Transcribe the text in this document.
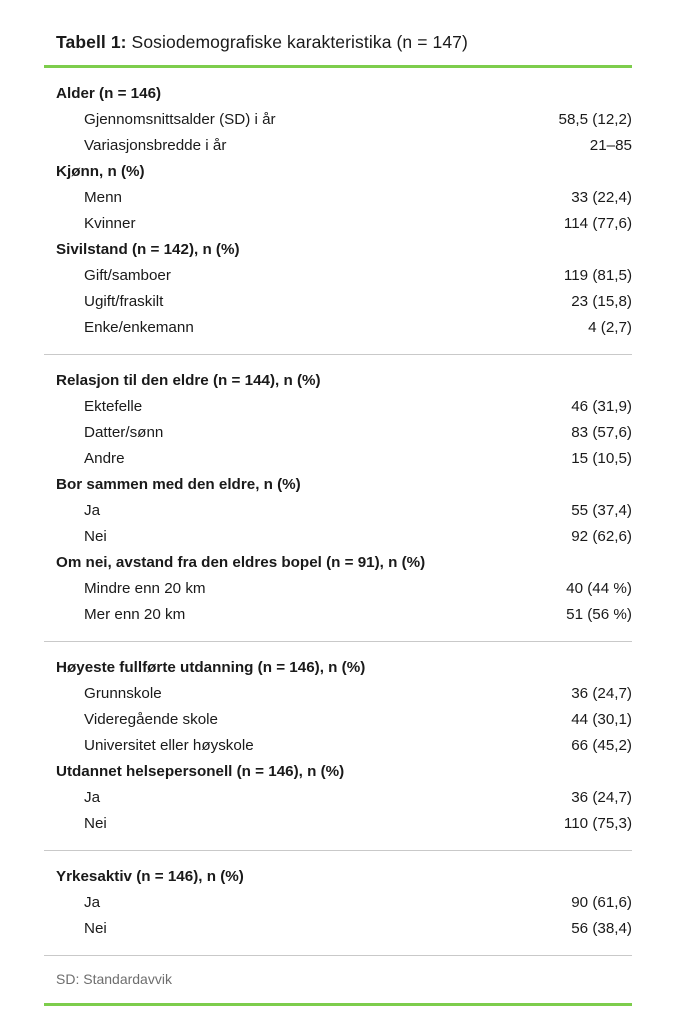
Tabell 1: Sosiodemografiske karakteristika (n = 147)
Alder (n = 146)	
Gjennomsnittsalder (SD) i år	58,5 (12,2)
Variasjonsbredde i år	21–85
Kjønn, n (%)	
Menn	33 (22,4)
Kvinner	114 (77,6)
Sivilstand (n = 142), n (%)	
Gift/samboer	119 (81,5)
Ugift/fraskilt	23 (15,8)
Enke/enkemann	4 (2,7)
Relasjon til den eldre (n = 144), n (%)	
Ektefelle	46 (31,9)
Datter/sønn	83 (57,6)
Andre	15 (10,5)
Bor sammen med den eldre, n (%)	
Ja	55 (37,4)
Nei	92 (62,6)
Om nei, avstand fra den eldres bopel (n = 91), n (%)	
Mindre enn 20 km	40 (44 %)
Mer enn 20 km	51 (56 %)
Høyeste fullførte utdanning (n = 146), n (%)	
Grunnskole	36 (24,7)
Videregående skole	44 (30,1)
Universitet eller høyskole	66 (45,2)
Utdannet helsepersonell (n = 146), n (%)	
Ja	36 (24,7)
Nei	110 (75,3)
Yrkesaktiv (n = 146), n (%)	
Ja	90 (61,6)
Nei	56 (38,4)
SD: Standardavvik
